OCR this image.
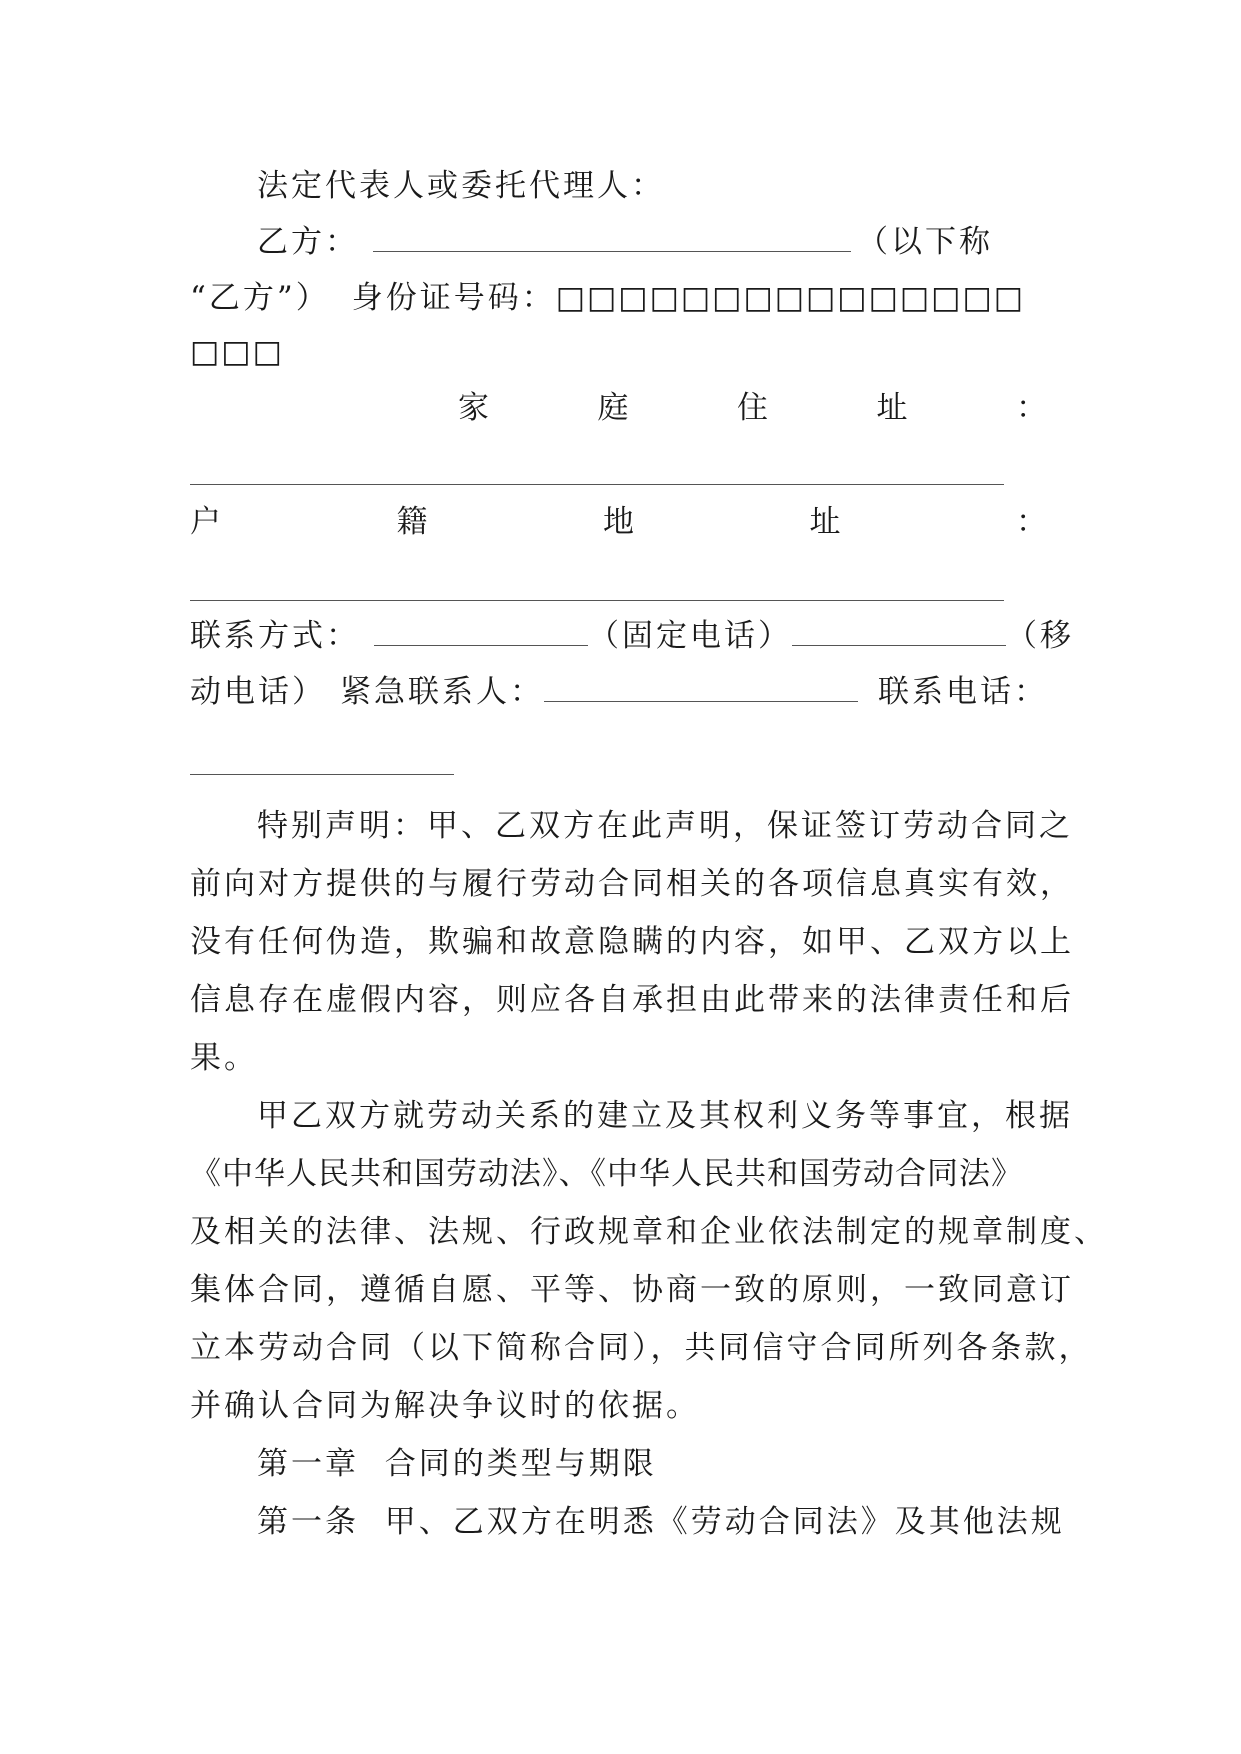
法定代表人或委托代理人：
乙方：	（以下称
“乙方”） 身份证号码：□□□□□□□□□□□□□□□
□□□
家	庭	住	址	：
户	籍	地	址	：
联系方式：	（固定电话）	（移
动电话） 紧急联系人：	联系电话：
特别声明：甲、乙双方在此声明，保证签订劳动合同之
前向对方提供的与履行劳动合同相关的各项信息真实有效，
没有任何伪造，欺骗和故意隐瞒的内容，如甲、乙双方以上
信息存在虚假内容，则应各自承担由此带来的法律责任和后
果。
甲乙双方就劳动关系的建立及其权利义务等事宜，根据
《中华人民共和国劳动法》、《中华人民共和国劳动合同法》
及相关的法律、法规、行政规章和企业依法制定的规章制度、
集体合同，遵循自愿、平等、协商一致的原则，一致同意订
立本劳动合同（以下简称合同），共同信守合同所列各条款，
并确认合同为解决争议时的依据。
第一章  合同的类型与期限
第一条  甲、乙双方在明悉《劳动合同法》及其他法规
